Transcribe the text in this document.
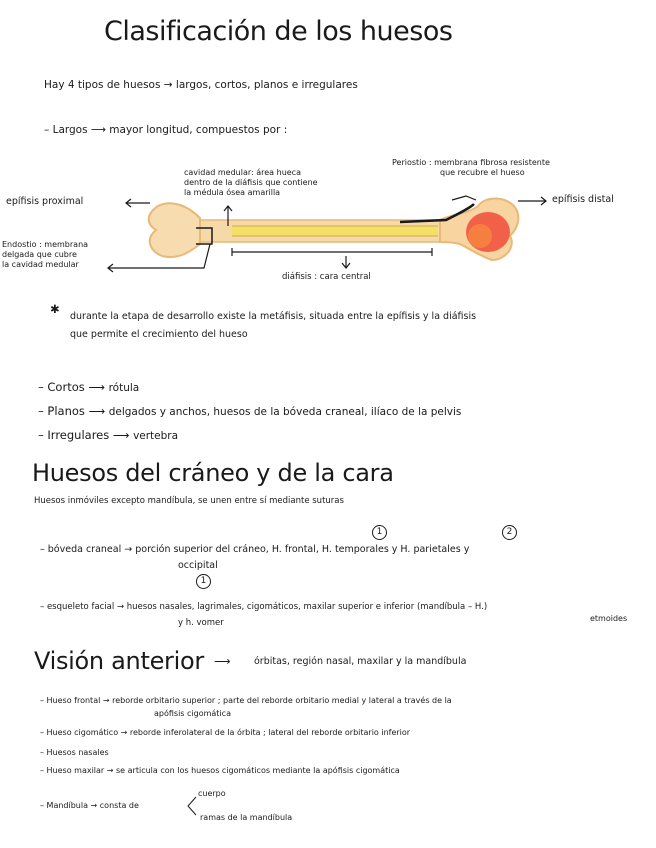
Clasificación de los huesos
Hay 4 tipos de huesos → largos, cortos, planos e irregulares
– Largos ⟶ mayor longitud, compuestos por :
cavidad medular: área hueca
dentro de la diáfisis que contiene
la médula ósea amarilla
Periostio : membrana fibrosa resistente
que recubre el hueso
epífisis proximal	epífisis distal
Endostio : membrana
delgada que cubre
la cavidad medular
diáfisis : cara central
✱
durante la etapa de desarrollo existe la metáfisis, situada entre la epífisis y la diáfisis
que permite el crecimiento del hueso
– Cortos ⟶ rótula
– Planos ⟶ delgados y anchos, huesos de la bóveda craneal, ilíaco de la pelvis
– Irregulares ⟶ vertebra
Huesos del cráneo y de la cara
Huesos inmóviles excepto mandíbula, se unen entre sí mediante suturas
1	2
– bóveda craneal → porción superior del cráneo, H. frontal, H. temporales y H. parietales y
occipital
1
– esqueleto facial → huesos nasales, lagrimales, cigomáticos, maxilar superior e inferior (mandíbula – H.)
etmoides
y h. vomer
Visión anterior ⟶ órbitas, región nasal, maxilar y la mandíbula
– Hueso frontal → reborde orbitario superior ; parte del reborde orbitario medial y lateral a través de la
apófisis cigomática
– Hueso cigomático → reborde inferolateral de la órbita ; lateral del reborde orbitario inferior
– Huesos nasales
– Hueso maxilar → se articula con los huesos cigomáticos mediante la apófisis cigomática
– Mandíbula → consta de
cuerpo
ramas de la mandíbula
